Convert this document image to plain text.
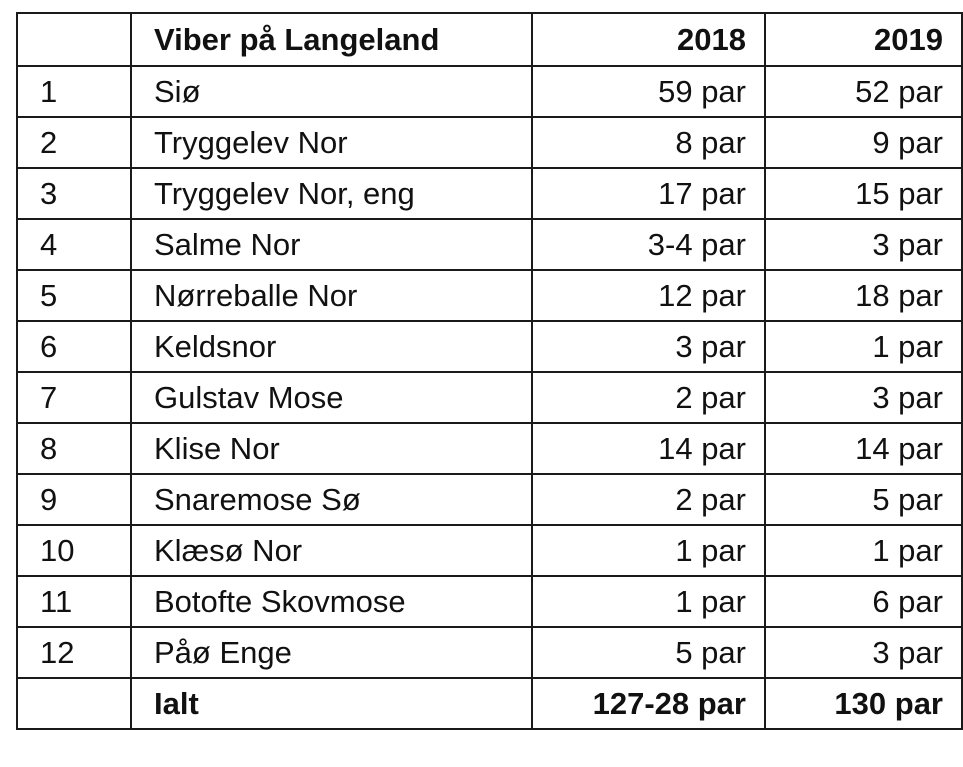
	Viber på Langeland	2018	2019
1	Siø	59 par	52 par
2	Tryggelev Nor	8 par	9 par
3	Tryggelev Nor, eng	17 par	15 par
4	Salme Nor	3-4 par	3 par
5	Nørreballe Nor	12 par	18 par
6	Keldsnor	3 par	1 par
7	Gulstav Mose	2 par	3 par
8	Klise Nor	14 par	14 par
9	Snaremose Sø	2 par	5 par
10	Klæsø Nor	1 par	1 par
11	Botofte Skovmose	1 par	6 par
12	Påø Enge	5 par	3 par
	Ialt	127-28 par	130 par
